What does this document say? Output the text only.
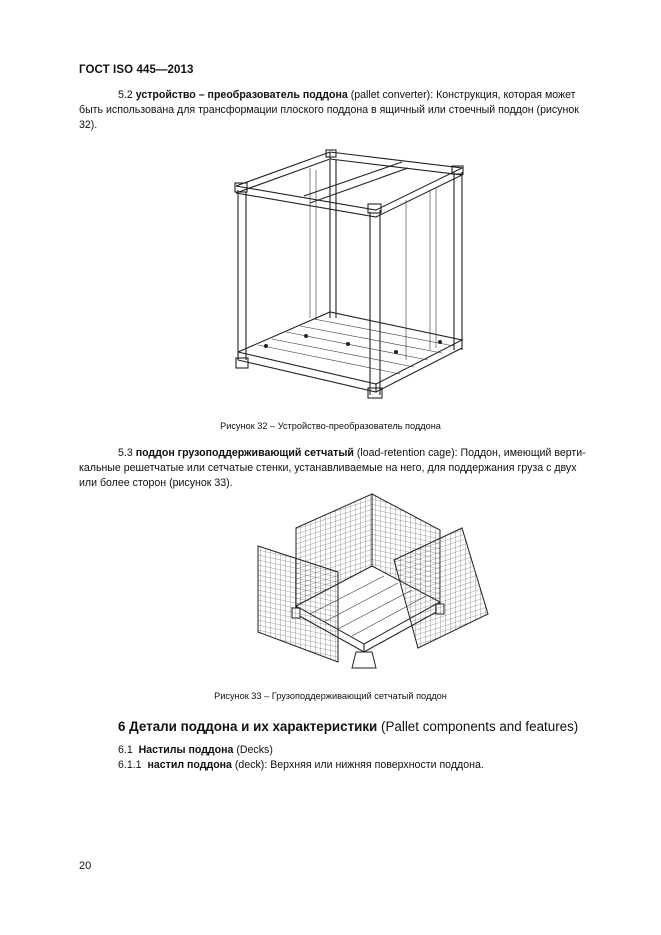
ГОСТ ISO 445—2013
5.2 устройство – преобразователь поддона (pallet converter): Конструкция, которая может
быть использована для трансформации плоского поддона в ящичный или стоечный поддон (рисунок
32).
Рисунок 32 – Устройство-преобразователь поддона
5.3 поддон грузоподдерживающий сетчатый (load-retention cage): Поддон, имеющий верти-
кальные решетчатые или сетчатые стенки, устанавливаемые на него, для поддержания груза с двух
или более сторон (рисунок 33).
Рисунок 33 – Грузоподдерживающий сетчатый поддон
6 Детали поддона и их характеристики (Pallet components and features)
6.1 Настилы поддона (Decks)
6.1.1 настил поддона (deck): Верхняя или нижняя поверхности поддона.
20
